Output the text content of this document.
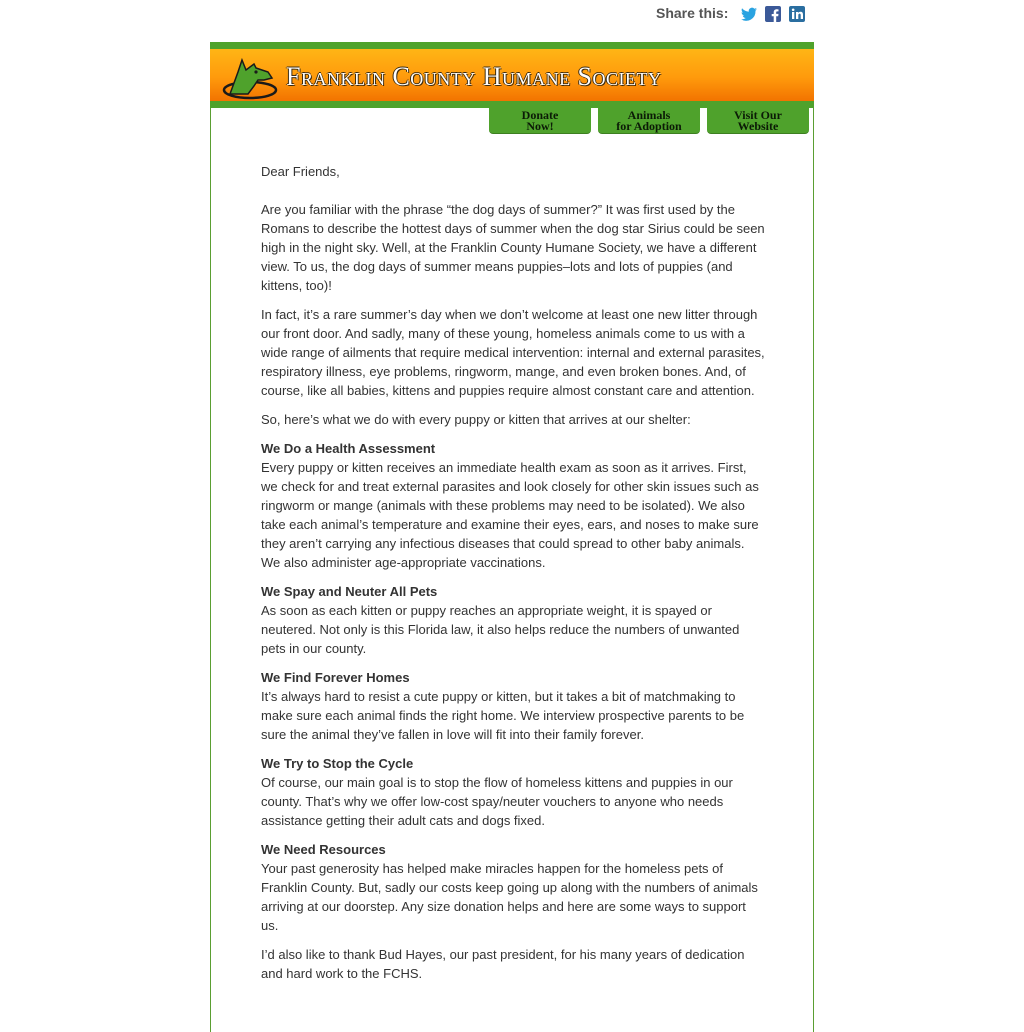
Share this:
Franklin County Humane Society
Donate
Now!
Animals
for Adoption
Visit Our
Website

Dear Friends,

Are you familiar with the phrase “the dog days of summer?” It was first used by the Romans to describe the hottest days of summer when the dog star Sirius could be seen high in the night sky. Well, at the Franklin County Humane Society, we have a different view. To us, the dog days of summer means puppies–lots and lots of puppies (and kittens, too)!

In fact, it’s a rare summer’s day when we don’t welcome at least one new litter through our front door. And sadly, many of these young, homeless animals come to us with a wide range of ailments that require medical intervention: internal and external parasites, respiratory illness, eye problems, ringworm, mange, and even broken bones. And, of course, like all babies, kittens and puppies require almost constant care and attention.

So, here’s what we do with every puppy or kitten that arrives at our shelter:

We Do a Health Assessment
Every puppy or kitten receives an immediate health exam as soon as it arrives. First, we check for and treat external parasites and look closely for other skin issues such as ringworm or mange (animals with these problems may need to be isolated). We also take each animal’s temperature and examine their eyes, ears, and noses to make sure they aren’t carrying any infectious diseases that could spread to other baby animals. We also administer age-appropriate vaccinations.

We Spay and Neuter All Pets
As soon as each kitten or puppy reaches an appropriate weight, it is spayed or neutered. Not only is this Florida law, it also helps reduce the numbers of unwanted pets in our county.

We Find Forever Homes
It’s always hard to resist a cute puppy or kitten, but it takes a bit of matchmaking to make sure each animal finds the right home. We interview prospective parents to be sure the animal they’ve fallen in love will fit into their family forever.

We Try to Stop the Cycle
Of course, our main goal is to stop the flow of homeless kittens and puppies in our county. That’s why we offer low-cost spay/neuter vouchers to anyone who needs assistance getting their adult cats and dogs fixed.

We Need Resources
Your past generosity has helped make miracles happen for the homeless pets of Franklin County. But, sadly our costs keep going up along with the numbers of animals arriving at our doorstep. Any size donation helps and here are some ways to support us.

I’d also like to thank Bud Hayes, our past president, for his many years of dedication and hard work to the FCHS.
